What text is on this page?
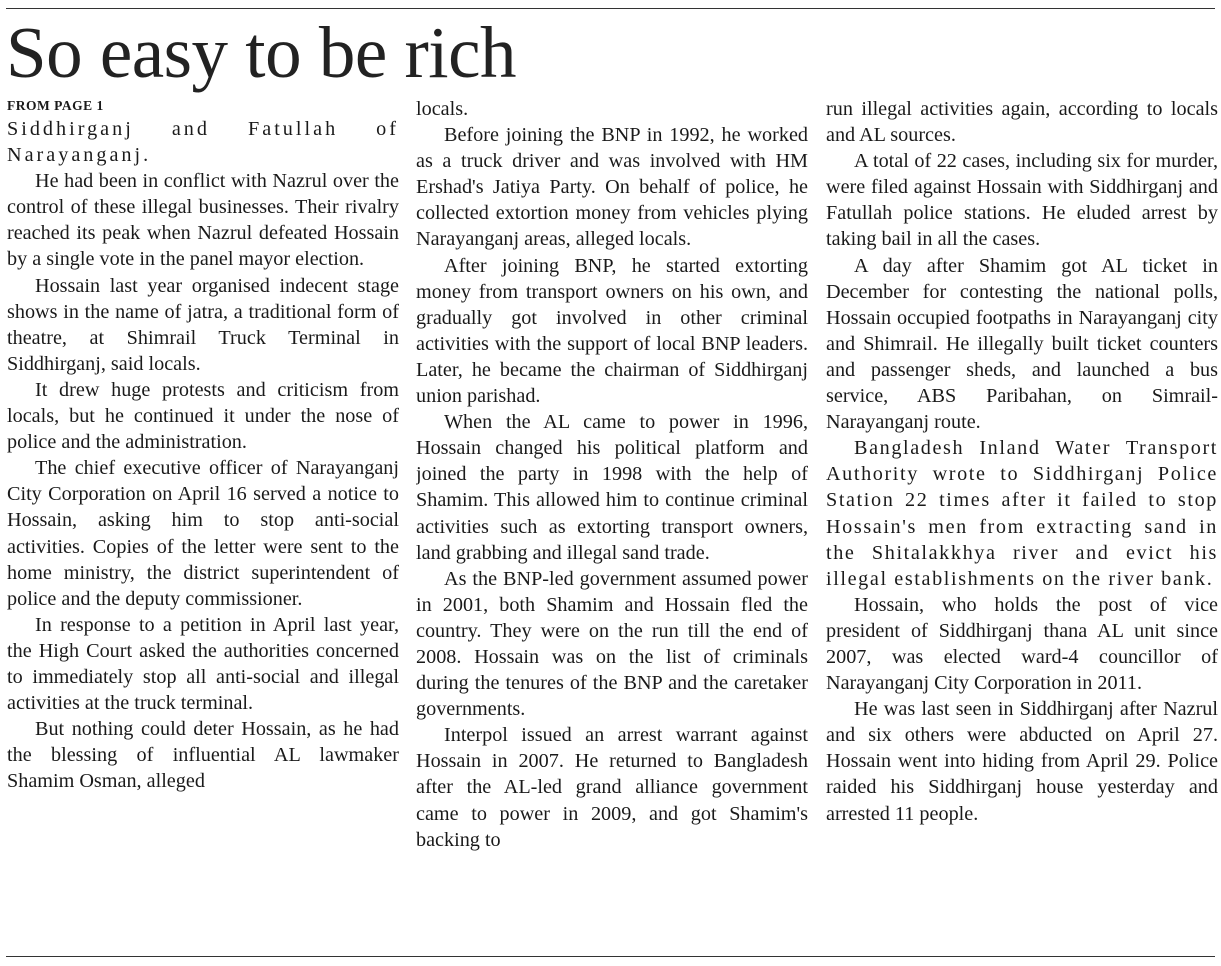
So easy to be rich

FROM PAGE 1

Siddhirganj and Fatullah of Narayanganj.

He had been in conflict with Nazrul over the control of these illegal businesses. Their rivalry reached its peak when Nazrul defeated Hossain by a single vote in the panel mayor election.

Hossain last year organised indecent stage shows in the name of jatra, a traditional form of theatre, at Shimrail Truck Terminal in Siddhirganj, said locals.

It drew huge protests and criticism from locals, but he continued it under the nose of police and the administration.

The chief executive officer of Narayanganj City Corporation on April 16 served a notice to Hossain, asking him to stop anti-social activities. Copies of the letter were sent to the home ministry, the district superintendent of police and the deputy commissioner.

In response to a petition in April last year, the High Court asked the authorities concerned to immediately stop all anti-social and illegal activities at the truck terminal.

But nothing could deter Hossain, as he had the blessing of influential AL lawmaker Shamim Osman, alleged

locals.

Before joining the BNP in 1992, he worked as a truck driver and was involved with HM Ershad's Jatiya Party. On behalf of police, he collected extortion money from vehicles plying Narayanganj areas, alleged locals.

After joining BNP, he started extorting money from transport owners on his own, and gradually got involved in other criminal activities with the support of local BNP leaders. Later, he became the chairman of Siddhirganj union parishad.

When the AL came to power in 1996, Hossain changed his political platform and joined the party in 1998 with the help of Shamim. This allowed him to continue criminal activities such as extorting transport owners, land grabbing and illegal sand trade.

As the BNP-led government assumed power in 2001, both Shamim and Hossain fled the country. They were on the run till the end of 2008. Hossain was on the list of criminals during the tenures of the BNP and the caretaker governments.

Interpol issued an arrest warrant against Hossain in 2007. He returned to Bangladesh after the AL-led grand alliance government came to power in 2009, and got Shamim's backing to

run illegal activities again, according to locals and AL sources.

A total of 22 cases, including six for murder, were filed against Hossain with Siddhirganj and Fatullah police stations. He eluded arrest by taking bail in all the cases.

A day after Shamim got AL ticket in December for contesting the national polls, Hossain occupied footpaths in Narayanganj city and Shimrail. He illegally built ticket counters and passenger sheds, and launched a bus service, ABS Paribahan, on Simrail-Narayanganj route.

Bangladesh Inland Water Transport Authority wrote to Siddhirganj Police Station 22 times after it failed to stop Hossain's men from extracting sand in the Shitalakkhya river and evict his illegal establishments on the river bank.

Hossain, who holds the post of vice president of Siddhirganj thana AL unit since 2007, was elected ward-4 councillor of Narayanganj City Corporation in 2011.

He was last seen in Siddhirganj after Nazrul and six others were abducted on April 27. Hossain went into hiding from April 29. Police raided his Siddhirganj house yesterday and arrested 11 people.
